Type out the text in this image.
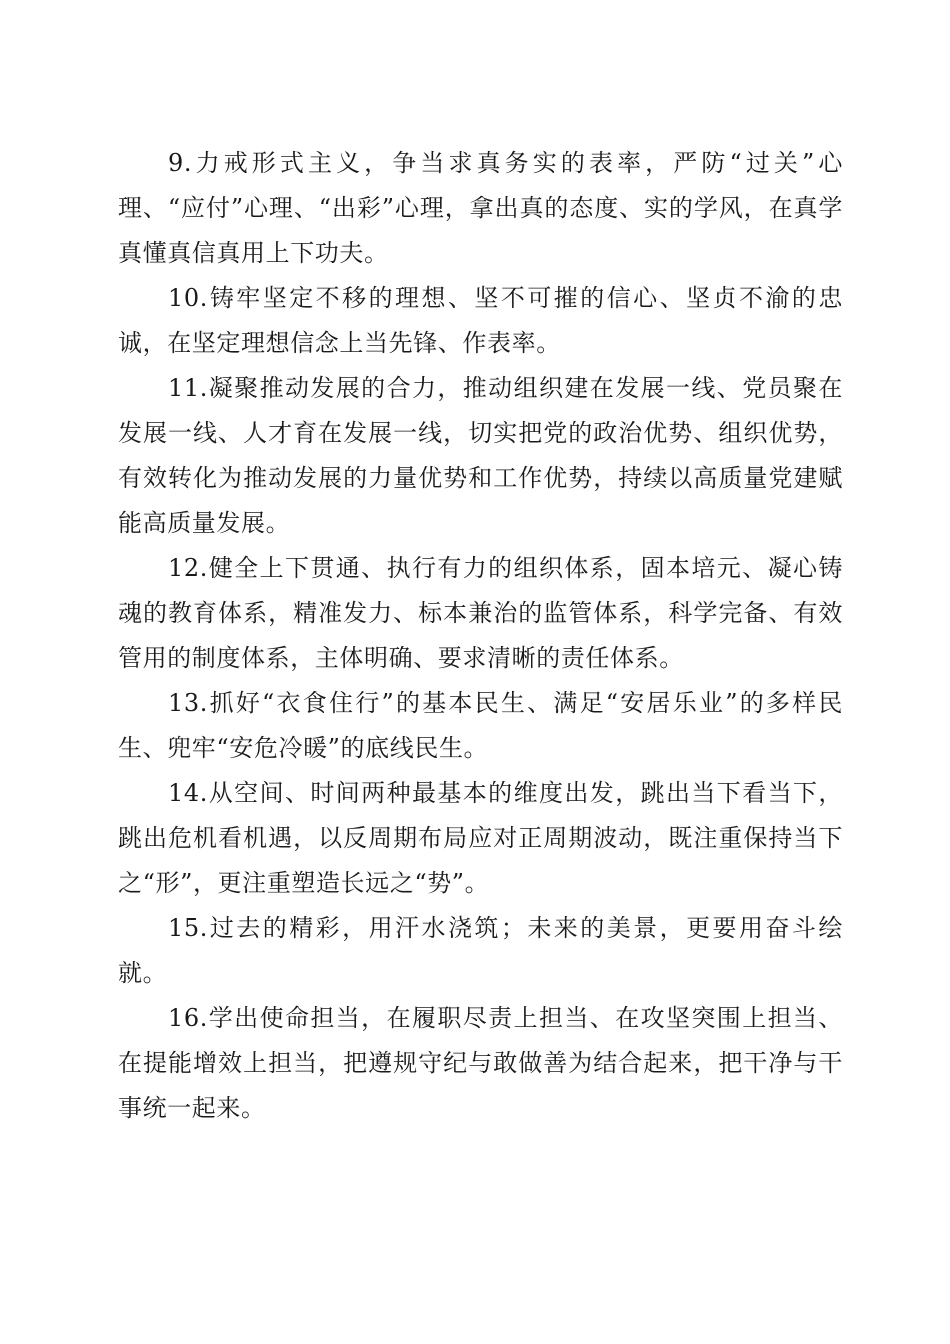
9.力戒形式主义，争当求真务实的表率，严防“过关”心理、“应付”心理、“出彩”心理，拿出真的态度、实的学风，在真学真懂真信真用上下功夫。

10.铸牢坚定不移的理想、坚不可摧的信心、坚贞不渝的忠诚，在坚定理想信念上当先锋、作表率。

11.凝聚推动发展的合力，推动组织建在发展一线、党员聚在发展一线、人才育在发展一线，切实把党的政治优势、组织优势，有效转化为推动发展的力量优势和工作优势，持续以高质量党建赋能高质量发展。

12.健全上下贯通、执行有力的组织体系，固本培元、凝心铸魂的教育体系，精准发力、标本兼治的监管体系，科学完备、有效管用的制度体系，主体明确、要求清晰的责任体系。

13.抓好“衣食住行”的基本民生、满足“安居乐业”的多样民生、兜牢“安危冷暖”的底线民生。

14.从空间、时间两种最基本的维度出发，跳出当下看当下，跳出危机看机遇，以反周期布局应对正周期波动，既注重保持当下之“形”，更注重塑造长远之“势”。

15.过去的精彩，用汗水浇筑；未来的美景，更要用奋斗绘就。

16.学出使命担当，在履职尽责上担当、在攻坚突围上担当、在提能增效上担当，把遵规守纪与敢做善为结合起来，把干净与干事统一起来。
